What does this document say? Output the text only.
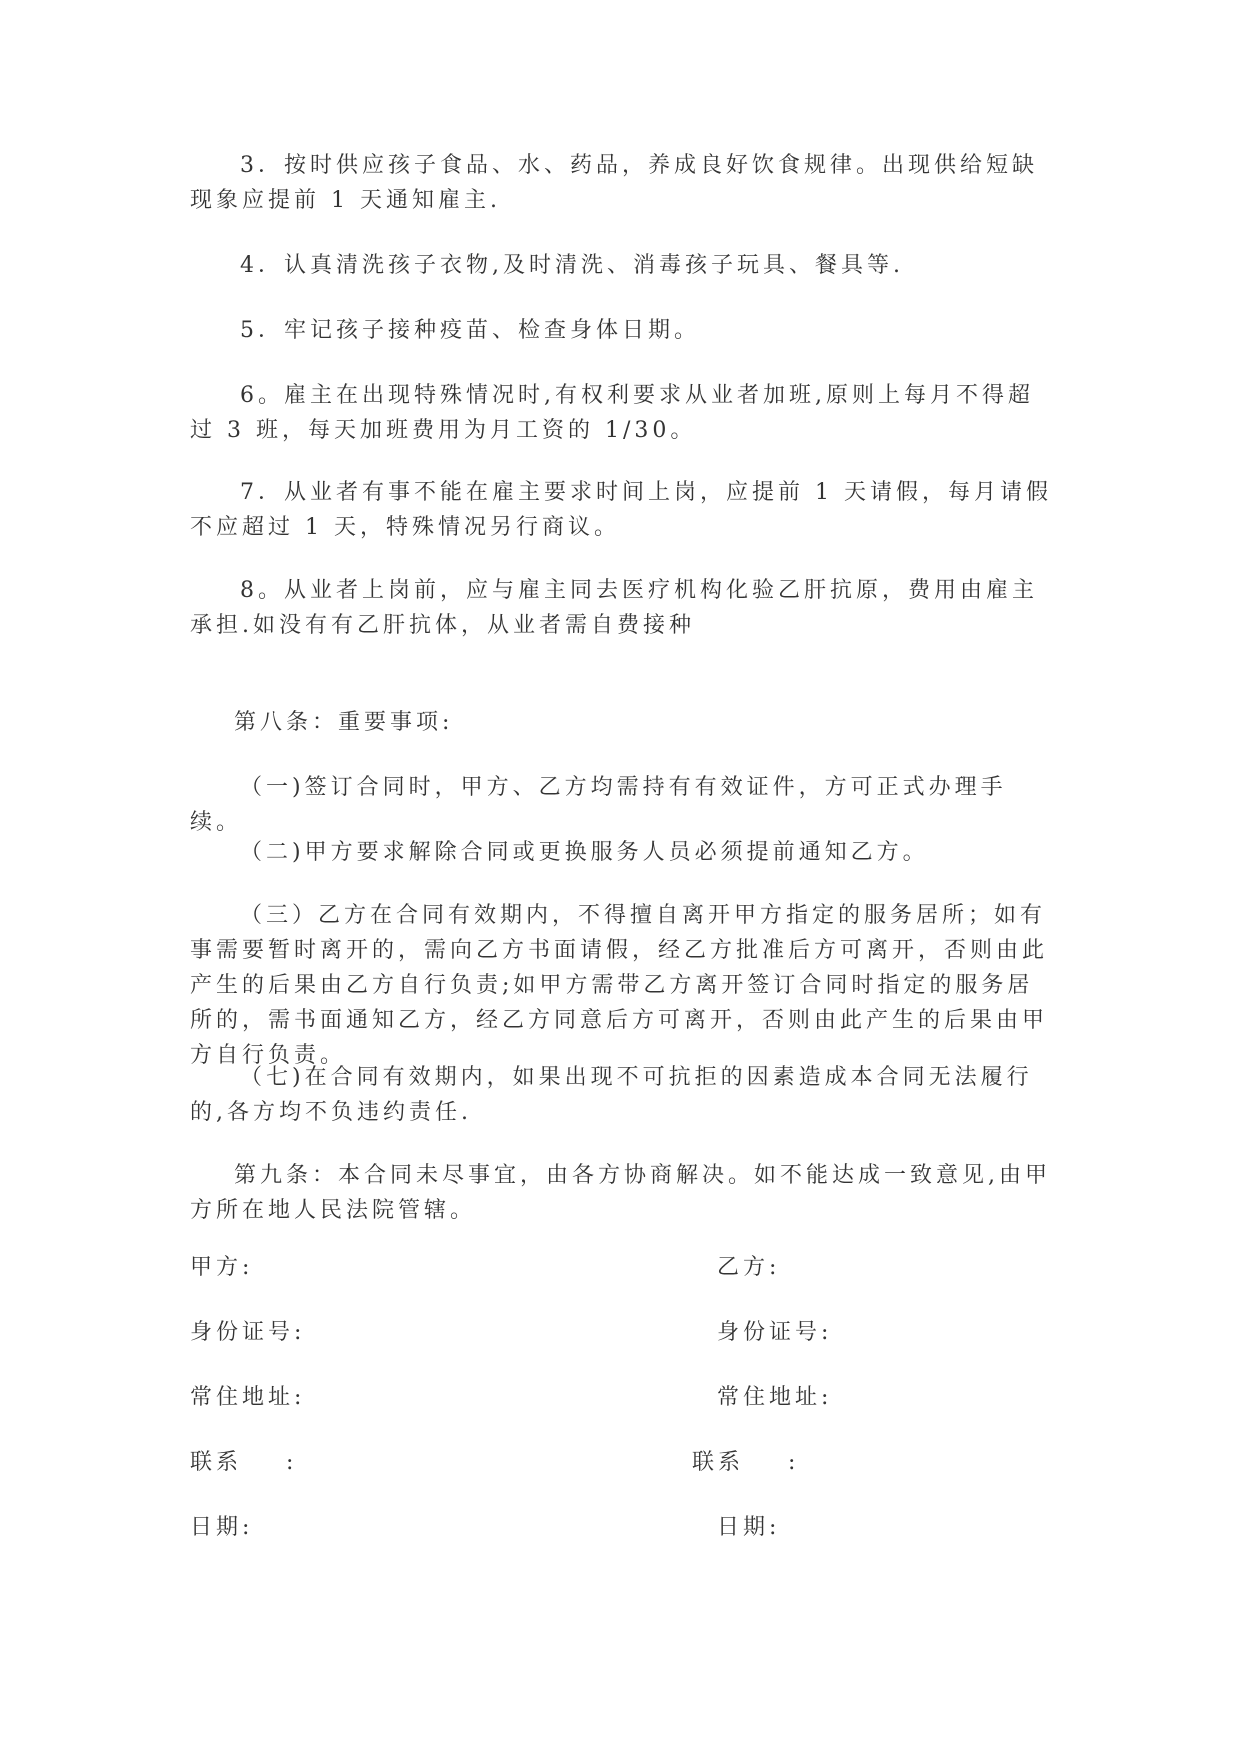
3．按时供应孩子食品、水、药品，养成良好饮食规律。出现供给短缺现象应提前 1 天通知雇主.

4．认真清洗孩子衣物,及时清洗、消毒孩子玩具、餐具等.

5．牢记孩子接种疫苗、检查身体日期。

6。雇主在出现特殊情况时,有权利要求从业者加班,原则上每月不得超过 3 班，每天加班费用为月工资的 1/30。

7．从业者有事不能在雇主要求时间上岗，应提前 1 天请假，每月请假不应超过 1 天，特殊情况另行商议。

8。从业者上岗前，应与雇主同去医疗机构化验乙肝抗原，费用由雇主承担.如没有有乙肝抗体，从业者需自费接种

第八条：重要事项:

（一)签订合同时，甲方、乙方均需持有有效证件，方可正式办理手续。

（二)甲方要求解除合同或更换服务人员必须提前通知乙方。

（三）乙方在合同有效期内，不得擅自离开甲方指定的服务居所；如有事需要暂时离开的，需向乙方书面请假，经乙方批准后方可离开，否则由此产生的后果由乙方自行负责;如甲方需带乙方离开签订合同时指定的服务居所的，需书面通知乙方，经乙方同意后方可离开，否则由此产生的后果由甲方自行负责。

（七)在合同有效期内，如果出现不可抗拒的因素造成本合同无法履行的,各方均不负违约责任.

第九条：本合同未尽事宜，由各方协商解决。如不能达成一致意见,由甲方所在地人民法院管辖。

甲方:	乙方:
身份证号:	身份证号:
常住地址:	常住地址:
联系 :	联系 :
日期:	日期:
